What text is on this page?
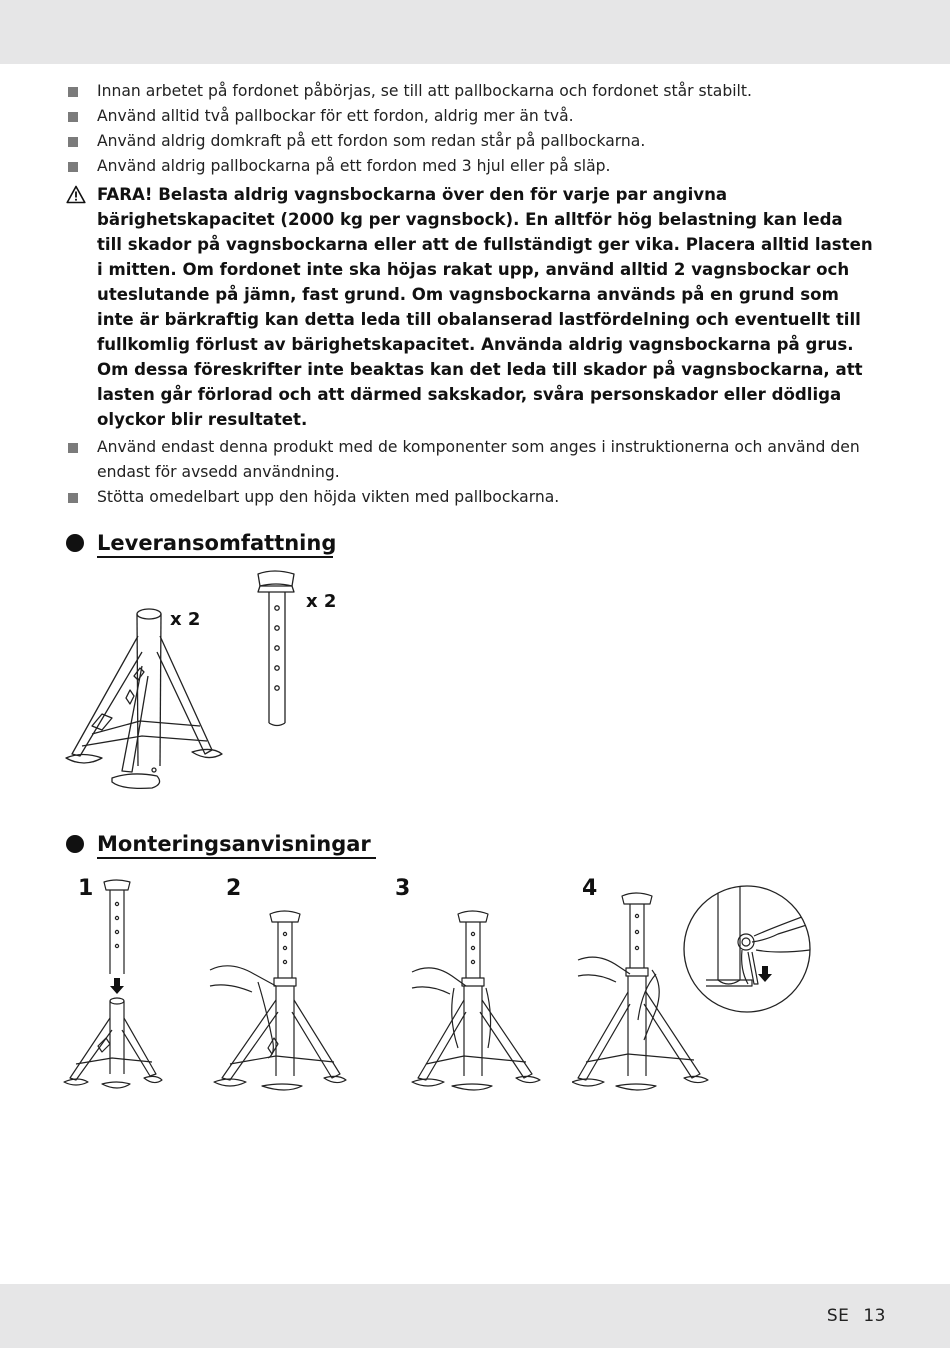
Innan arbetet på fordonet påbörjas, se till att pallbockarna och fordonet står stabilt.
Använd alltid två pallbockar för ett fordon, aldrig mer än två.
Använd aldrig domkraft på ett fordon som redan står på pallbockarna.
Använd aldrig pallbockarna på ett fordon med 3 hjul eller på släp.
FARA! Belasta aldrig vagnsbockarna över den för varje par angivna
bärighetskapacitet (2000 kg per vagnsbock). En alltför hög belastning kan leda
till skador på vagnsbockarna eller att de fullständigt ger vika. Placera alltid lasten
i mitten. Om fordonet inte ska höjas rakat upp, använd alltid 2 vagnsbockar och
uteslutande på jämn, fast grund. Om vagnsbockarna används på en grund som
inte är bärkraftig kan detta leda till obalanserad lastfördelning och eventuellt till
fullkomlig förlust av bärighetskapacitet. Använda aldrig vagnsbockarna på grus.
Om dessa föreskrifter inte beaktas kan det leda till skador på vagnsbockarna, att
lasten går förlorad och att därmed sakskador, svåra personskador eller dödliga
olyckor blir resultatet.
Använd endast denna produkt med de komponenter som anges i instruktionerna och använd den
endast för avsedd användning.
Stötta omedelbart upp den höjda vikten med pallbockarna.
Leveransomfattning
x 2
x 2
Monteringsanvisningar
1	2	3	4
SE 13
